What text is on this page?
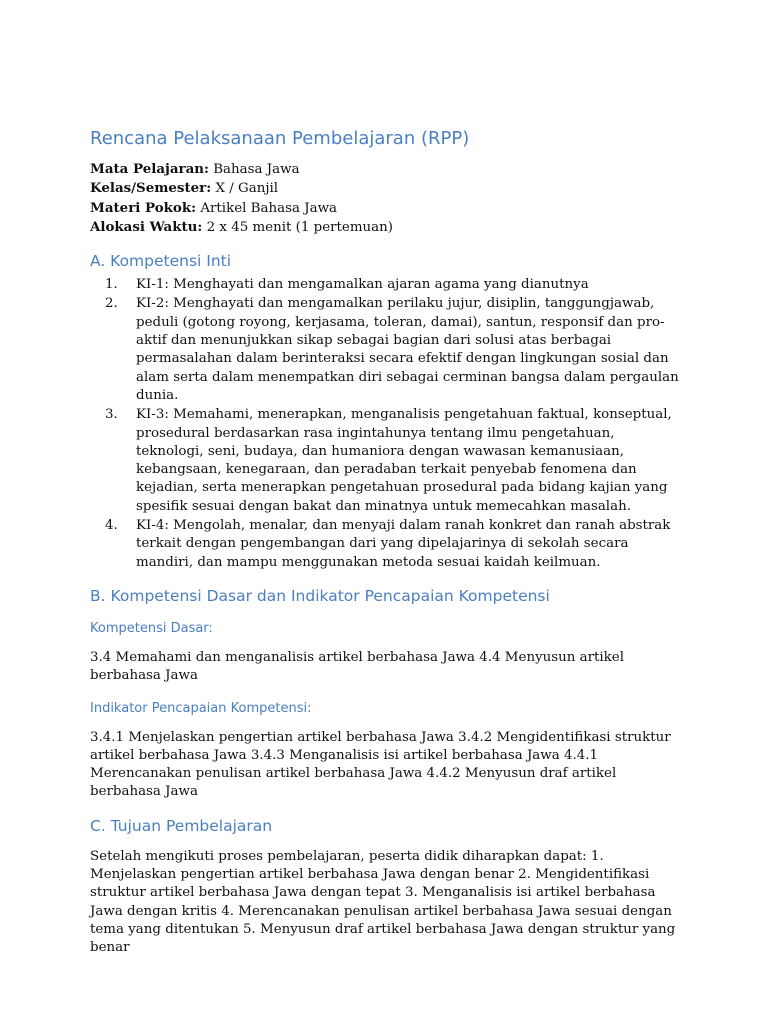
Rencana Pelaksanaan Pembelajaran (RPP)

Mata Pelajaran: Bahasa Jawa

Kelas/Semester: X / Ganjil

Materi Pokok: Artikel Bahasa Jawa

Alokasi Waktu: 2 x 45 menit (1 pertemuan)

A. Kompetensi Inti
1. KI-1: Menghayati dan mengamalkan ajaran agama yang dianutnya
2. KI-2: Menghayati dan mengamalkan perilaku jujur, disiplin, tanggungjawab, peduli (gotong royong, kerjasama, toleran, damai), santun, responsif dan pro-aktif dan menunjukkan sikap sebagai bagian dari solusi atas berbagai permasalahan dalam berinteraksi secara efektif dengan lingkungan sosial dan alam serta dalam menempatkan diri sebagai cerminan bangsa dalam pergaulan dunia.
3. KI-3: Memahami, menerapkan, menganalisis pengetahuan faktual, konseptual, prosedural berdasarkan rasa ingintahunya tentang ilmu pengetahuan, teknologi, seni, budaya, dan humaniora dengan wawasan kemanusiaan, kebangsaan, kenegaraan, dan peradaban terkait penyebab fenomena dan kejadian, serta menerapkan pengetahuan prosedural pada bidang kajian yang spesifik sesuai dengan bakat dan minatnya untuk memecahkan masalah.
4. KI-4: Mengolah, menalar, dan menyaji dalam ranah konkret dan ranah abstrak terkait dengan pengembangan dari yang dipelajarinya di sekolah secara mandiri, dan mampu menggunakan metoda sesuai kaidah keilmuan.
B. Kompetensi Dasar dan Indikator Pencapaian Kompetensi
Kompetensi Dasar:

3.4 Memahami dan menganalisis artikel berbahasa Jawa 4.4 Menyusun artikel berbahasa Jawa

Indikator Pencapaian Kompetensi:

3.4.1 Menjelaskan pengertian artikel berbahasa Jawa 3.4.2 Mengidentifikasi struktur artikel berbahasa Jawa 3.4.3 Menganalisis isi artikel berbahasa Jawa 4.4.1 Merencanakan penulisan artikel berbahasa Jawa 4.4.2 Menyusun draf artikel berbahasa Jawa

C. Tujuan Pembelajaran

Setelah mengikuti proses pembelajaran, peserta didik diharapkan dapat: 1. Menjelaskan pengertian artikel berbahasa Jawa dengan benar 2. Mengidentifikasi struktur artikel berbahasa Jawa dengan tepat 3. Menganalisis isi artikel berbahasa Jawa dengan kritis 4. Merencanakan penulisan artikel berbahasa Jawa sesuai dengan tema yang ditentukan 5. Menyusun draf artikel berbahasa Jawa dengan struktur yang benar
